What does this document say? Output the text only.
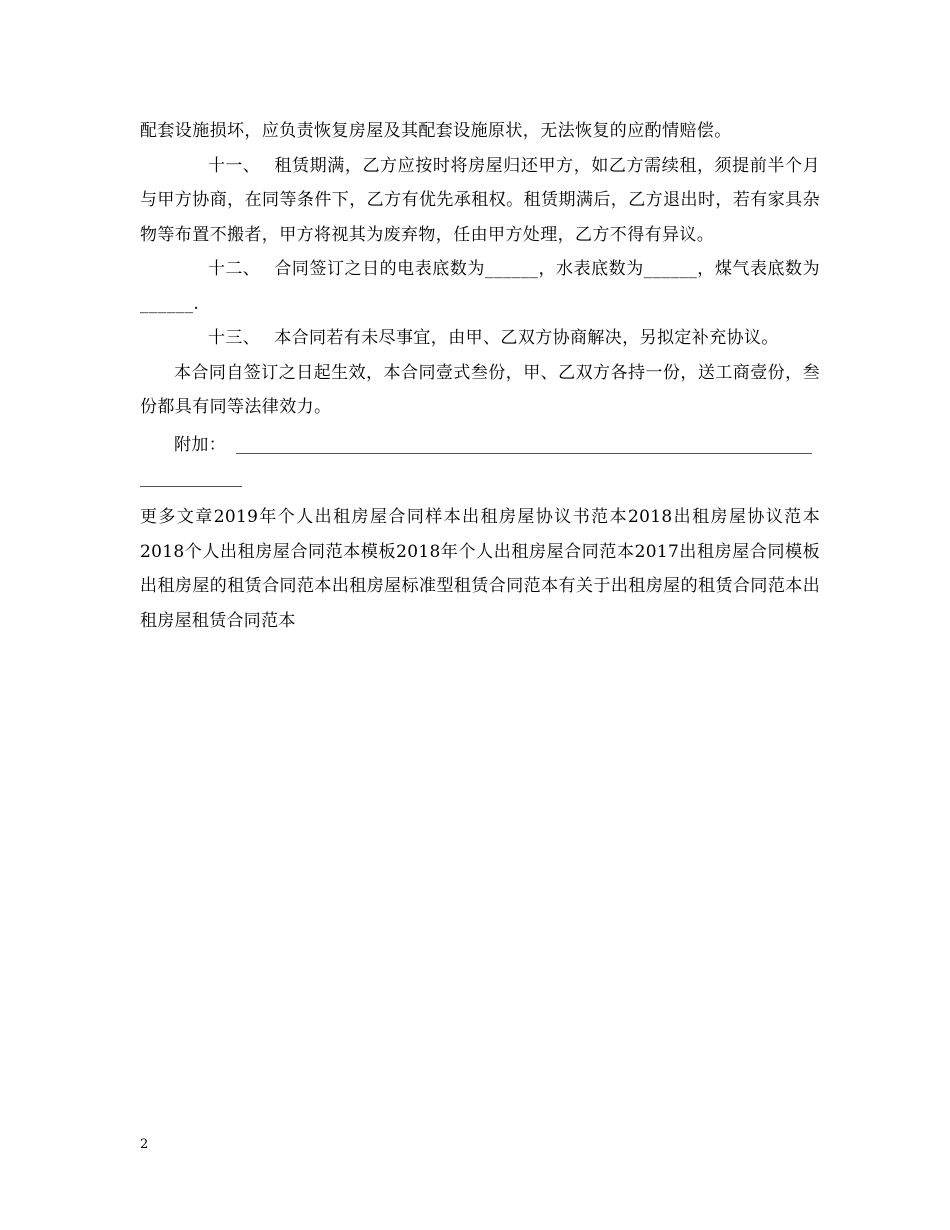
配套设施损坏，应负责恢复房屋及其配套设施原状，无法恢复的应酌情赔偿。

十一、 租赁期满，乙方应按时将房屋归还甲方，如乙方需续租，须提前半个月与甲方协商，在同等条件下，乙方有优先承租权。租赁期满后，乙方退出时，若有家具杂物等布置不搬者，甲方将视其为废弃物，任由甲方处理，乙方不得有异议。

十二、 合同签订之日的电表底数为______，水表底数为______，煤气表底数为______.

十三、 本合同若有未尽事宜，由甲、乙双方协商解决，另拟定补充协议。

本合同自签订之日起生效，本合同壹式叁份，甲、乙双方各持一份，送工商壹份，叁份都具有同等法律效力。

附加：

更多文章2019年个人出租房屋合同样本出租房屋协议书范本2018出租房屋协议范本2018个人出租房屋合同范本模板2018年个人出租房屋合同范本2017出租房屋合同模板出租房屋的租赁合同范本出租房屋标准型租赁合同范本有关于出租房屋的租赁合同范本出租房屋租赁合同范本

2
